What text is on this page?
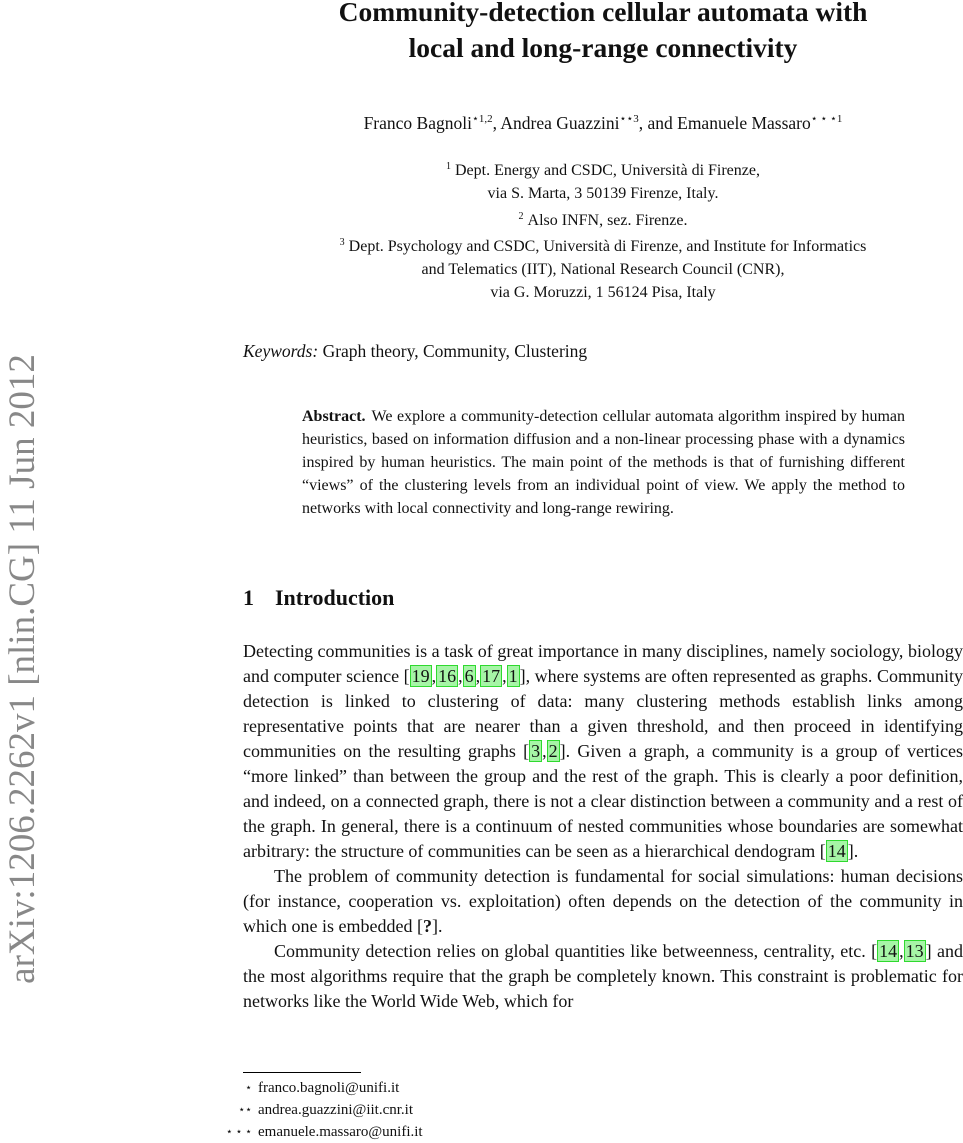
arXiv:1206.2262v1 [nlin.CG] 11 Jun 2012
Community-detection cellular automata with
local and long-range connectivity
Franco Bagnoli$^{⋆1,2}$, Andrea Guazzini$^{⋆⋆3}$, and Emanuele Massaro$^{⋆ ⋆ ⋆1}$
$^1$ Dept. Energy and CSDC, Università di Firenze,
via S. Marta, 3 50139 Firenze, Italy.
$^2$ Also INFN, sez. Firenze.
$^3$ Dept. Psychology and CSDC, Università di Firenze, and Institute for Informatics
and Telematics (IIT), National Research Council (CNR),
via G. Moruzzi, 1 56124 Pisa, Italy
Keywords: Graph theory, Community, Clustering

Abstract. We explore a community-detection cellular automata algorithm inspired by human heuristics, based on information diffusion and a non-linear processing phase with a dynamics inspired by human heuristics. The main point of the methods is that of furnishing different “views” of the clustering levels from an individual point of view. We apply the method to networks with local connectivity and long-range rewiring.

1 Introduction

Detecting communities is a task of great importance in many disciplines, namely sociology, biology and computer science [ 19 , 16 , 6 , 17 , 1 ], where systems are often represented as graphs. Community detection is linked to clustering of data: many clustering methods establish links among representative points that are nearer than a given threshold, and then proceed in identifying communities on the resulting graphs [ 3 , 2 ]. Given a graph, a community is a group of vertices “more linked” than between the group and the rest of the graph. This is clearly a poor definition, and indeed, on a connected graph, there is not a clear distinction between a community and a rest of the graph. In general, there is a continuum of nested communities whose boundaries are somewhat arbitrary: the structure of communities can be seen as a hierarchical dendogram [ 14 ].

The problem of community detection is fundamental for social simulations: human decisions (for instance, cooperation vs. exploitation) often depends on the detection of the community in which one is embedded [?].

Community detection relies on global quantities like betweenness, centrality, etc. [ 14 , 13 ] and the most algorithms require that the graph be completely known. This constraint is problematic for networks like the World Wide Web, which for

⋆ franco.bagnoli@unifi.it
⋆⋆ andrea.guazzini@iit.cnr.it
⋆ ⋆ ⋆ emanuele.massaro@unifi.it
